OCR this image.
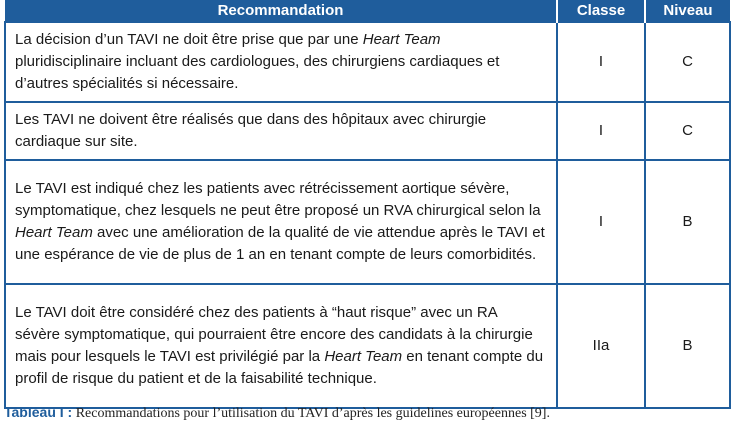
Recommandation	Classe	Niveau
La décision d’un TAVI ne doit être prise que par une Heart Team pluridisciplinaire incluant des cardiologues, des chirurgiens cardiaques et d’autres spécialités si nécessaire.	I	C
Les TAVI ne doivent être réalisés que dans des hôpitaux avec chirurgie cardiaque sur site.	I	C
Le TAVI est indiqué chez les patients avec rétrécissement aortique sévère, symptomatique, chez lesquels ne peut être proposé un RVA chirurgical selon la Heart Team avec une amélioration de la qualité de vie attendue après le TAVI et une espérance de vie de plus de 1 an en tenant compte de leurs comorbidités.	I	B
Le TAVI doit être considéré chez des patients à “haut risque” avec un RA sévère symptomatique, qui pourraient être encore des candidats à la chirurgie mais pour lesquels le TAVI est privilégié par la Heart Team en tenant compte du profil de risque du patient et de la faisabilité technique.	IIa	B
Tableau I : Recommandations pour l’utilisation du TAVI d’après les guidelines européennes [9].
